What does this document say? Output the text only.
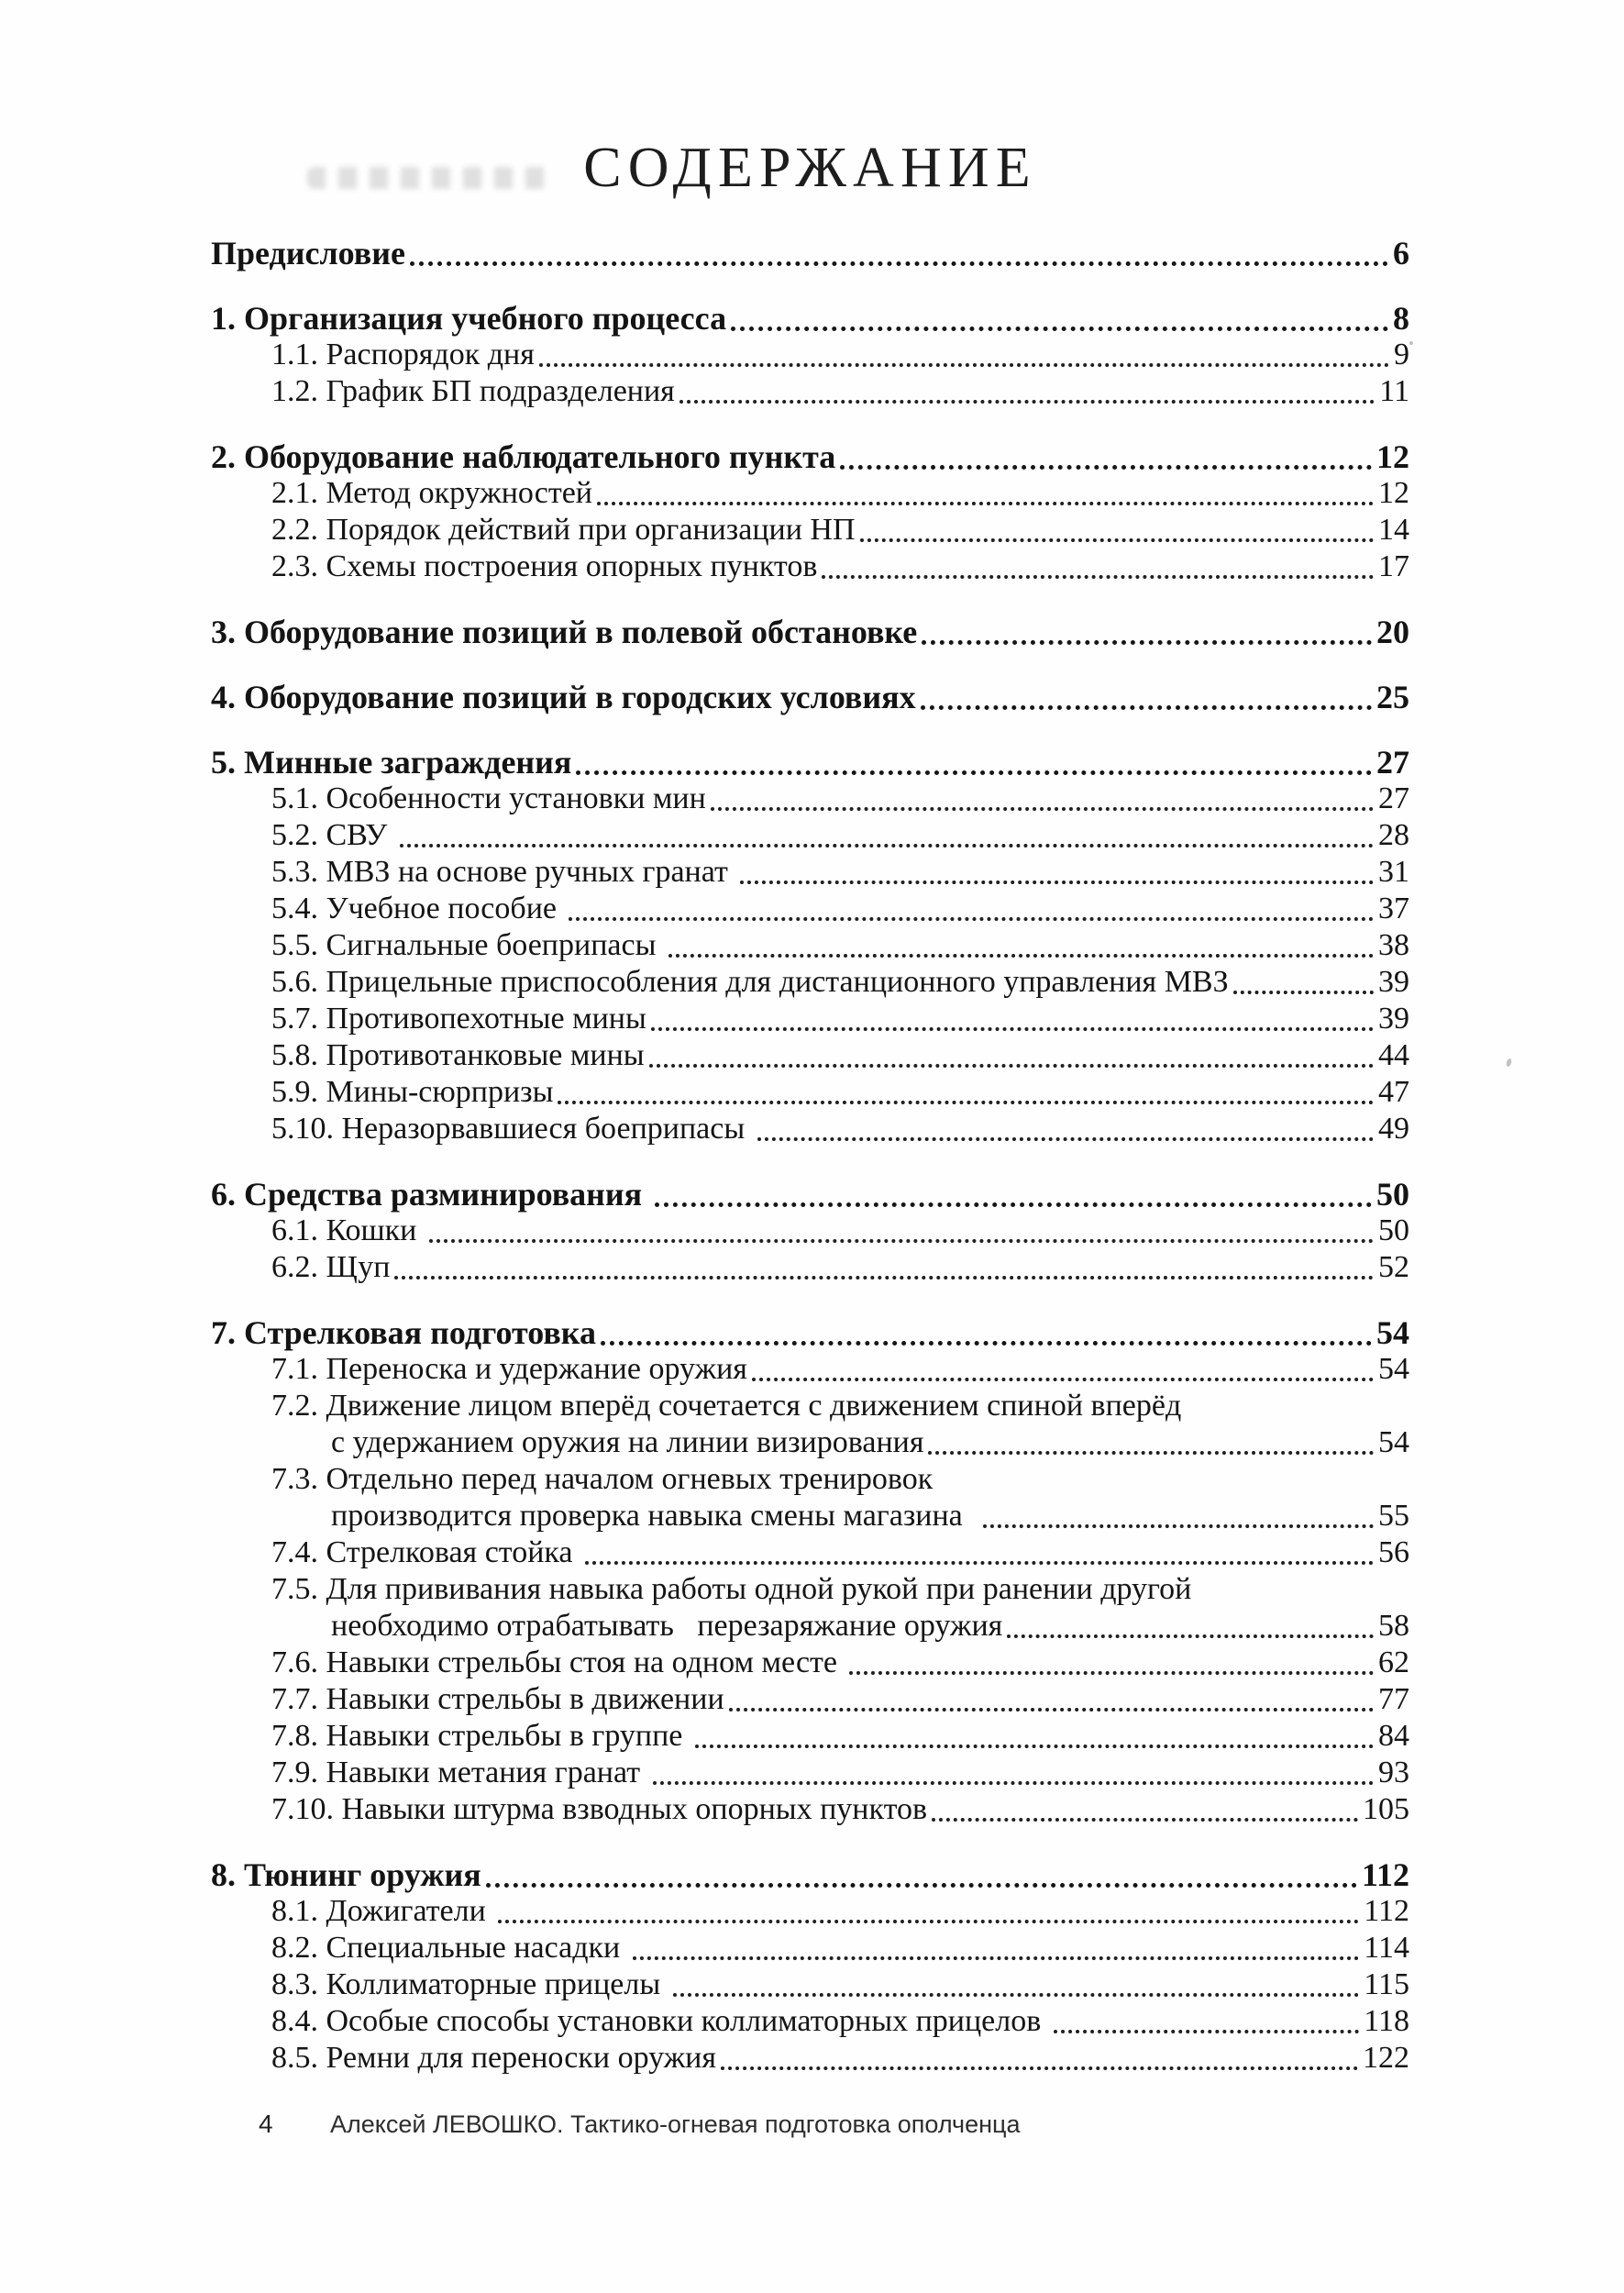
СОДЕРЖАНИЕ
Предисловие	6
1. Организация учебного процесса	8
1.1. Распорядок дня	9
1.2. График БП подразделения	11
2. Оборудование наблюдательного пункта	12
2.1. Метод окружностей	12
2.2. Порядок действий при организации НП	14
2.3. Схемы построения опорных пунктов	17
3. Оборудование позиций в полевой обстановке	20
4. Оборудование позиций в городских условиях	25
5. Минные заграждения	27
5.1. Особенности установки мин	27
5.2. СВУ	28
5.3. МВЗ на основе ручных гранат	31
5.4. Учебное пособие	37
5.5. Сигнальные боеприпасы	38
5.6. Прицельные приспособления для дистанционного управления МВЗ	39
5.7. Противопехотные мины	39
5.8. Противотанковые мины	44
5.9. Мины-сюрпризы	47
5.10. Неразорвавшиеся боеприпасы	49
6. Средства разминирования	50
6.1. Кошки	50
6.2. Щуп	52
7. Стрелковая подготовка	54
7.1. Переноска и удержание оружия	54
7.2. Движение лицом вперёд сочетается с движением спиной вперёд
с удержанием оружия на линии визирования	54
7.3. Отдельно перед началом огневых тренировок
производится проверка навыка смены магазина	55
7.4. Стрелковая стойка	56
7.5. Для прививания навыка работы одной рукой при ранении другой
необходимо отрабатывать   перезаряжание оружия	58
7.6. Навыки стрельбы стоя на одном месте	62
7.7. Навыки стрельбы в движении	77
7.8. Навыки стрельбы в группе	84
7.9. Навыки метания гранат	93
7.10. Навыки штурма взводных опорных пунктов	105
8. Тюнинг оружия	112
8.1. Дожигатели	112
8.2. Специальные насадки	114
8.3. Коллиматорные прицелы	115
8.4. Особые способы установки коллиматорных прицелов	118
8.5. Ремни для переноски оружия	122
4	Алексей ЛЕВОШКО. Тактико-огневая подготовка ополченца
